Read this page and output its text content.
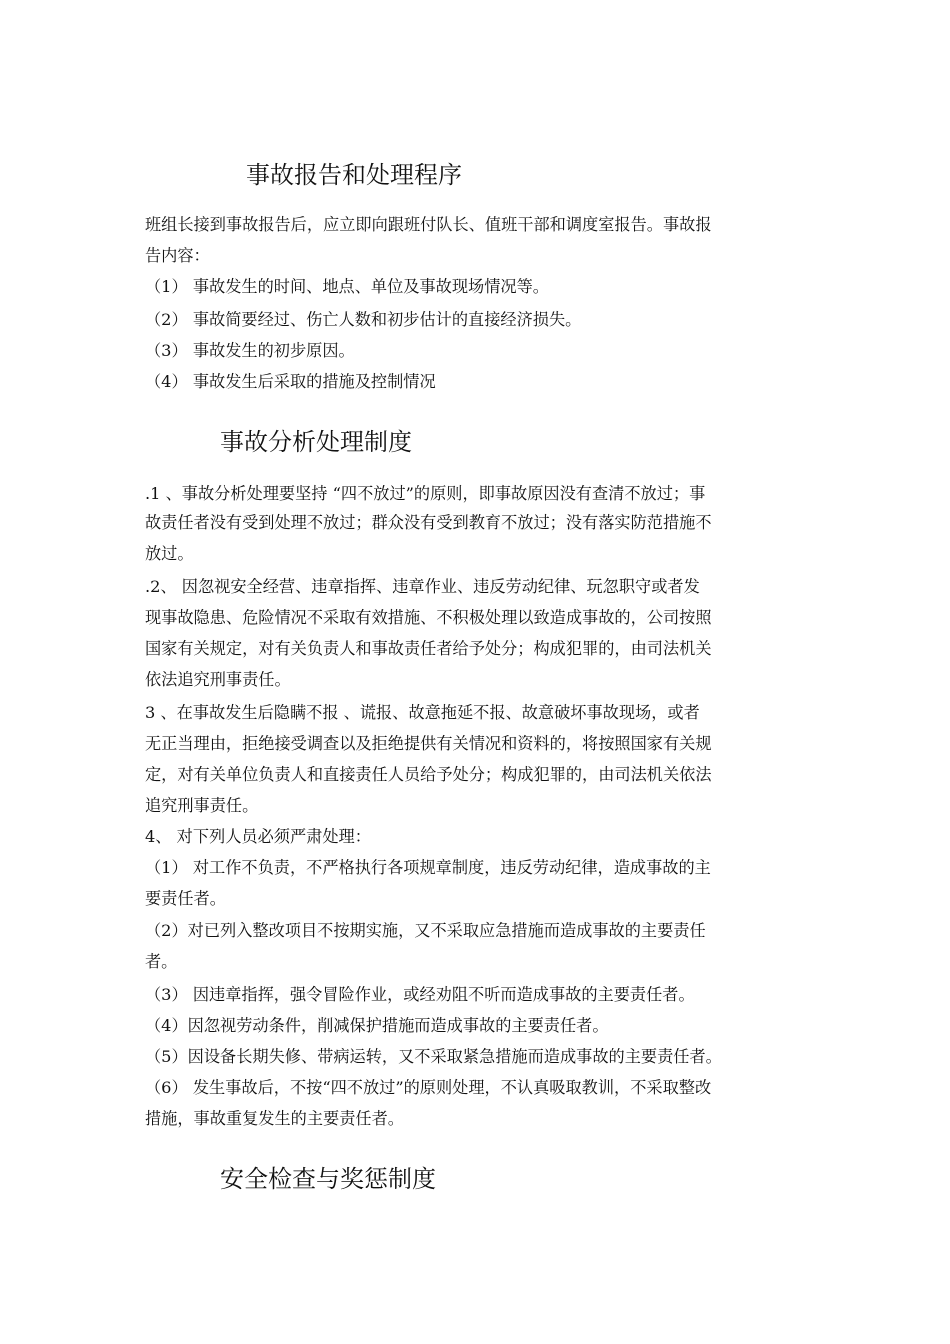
事故报告和处理程序
班组长接到事故报告后，应立即向跟班付队长、值班干部和调度室报告。事故报
告内容：
（1） 事故发生的时间、地点、单位及事故现场情况等。
（2） 事故简要经过、伤亡人数和初步估计的直接经济损失。
（3） 事故发生的初步原因。
（4） 事故发生后采取的措施及控制情况
事故分析处理制度
.1 、事故分析处理要坚持 “四不放过”的原则，即事故原因没有查清不放过；事
故责任者没有受到处理不放过；群众没有受到教育不放过；没有落实防范措施不
放过。
.2、 因忽视安全经营、违章指挥、违章作业、违反劳动纪律、玩忽职守或者发
现事故隐患、危险情况不采取有效措施、不积极处理以致造成事故的，公司按照
国家有关规定，对有关负责人和事故责任者给予处分；构成犯罪的，由司法机关
依法追究刑事责任。
3 、在事故发生后隐瞒不报 、谎报、故意拖延不报、故意破坏事故现场，或者
无正当理由，拒绝接受调查以及拒绝提供有关情况和资料的，将按照国家有关规
定，对有关单位负责人和直接责任人员给予处分；构成犯罪的，由司法机关依法
追究刑事责任。
4、 对下列人员必须严肃处理：
（1） 对工作不负责，不严格执行各项规章制度，违反劳动纪律，造成事故的主
要责任者。
（2）对已列入整改项目不按期实施，又不采取应急措施而造成事故的主要责任
者。
（3） 因违章指挥，强令冒险作业，或经劝阻不听而造成事故的主要责任者。
（4）因忽视劳动条件，削减保护措施而造成事故的主要责任者。
（5）因设备长期失修、带病运转，又不采取紧急措施而造成事故的主要责任者。
（6） 发生事故后，不按“四不放过”的原则处理，不认真吸取教训，不采取整改
措施，事故重复发生的主要责任者。
安全检查与奖惩制度
